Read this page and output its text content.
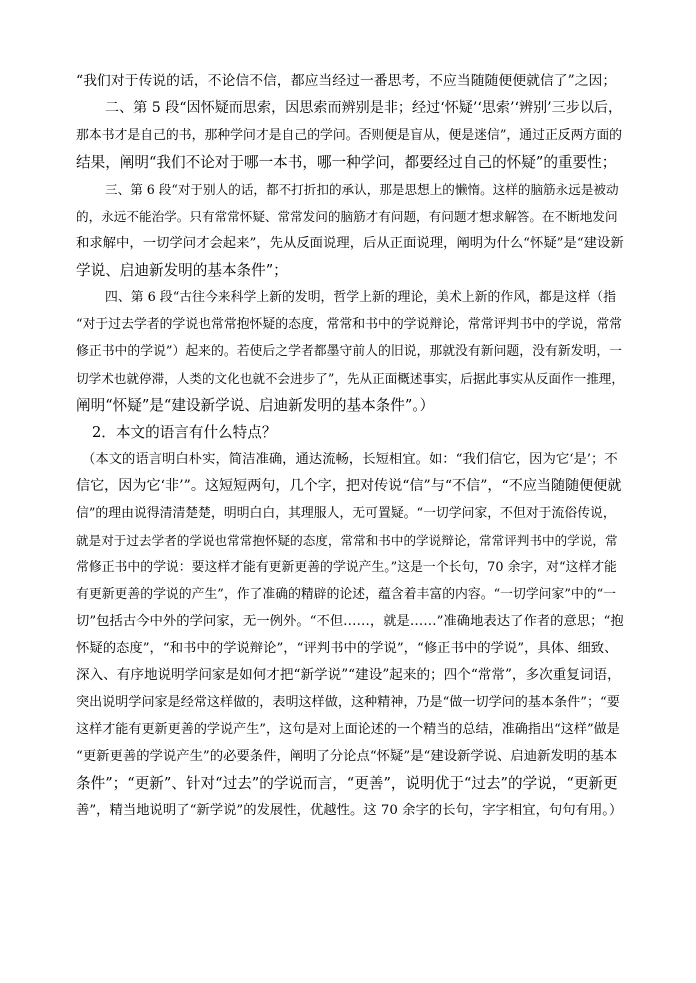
“我们对于传说的话，不论信不信，都应当经过一番思考，不应当随随便便就信了”之因；
二、第 5 段“因怀疑而思索，因思索而辨别是非；经过‘怀疑’‘思索’‘辨别’三步以后，
那本书才是自己的书，那种学问才是自己的学问。否则便是盲从，便是迷信”，通过正反两方面的
结果，阐明“我们不论对于哪一本书，哪一种学问，都要经过自己的怀疑”的重要性；
三、第 6 段“对于别人的话，都不打折扣的承认，那是思想上的懒惰。这样的脑筋永远是被动
的，永远不能治学。只有常常怀疑、常常发问的脑筋才有问题，有问题才想求解答。在不断地发问
和求解中，一切学问才会起来”，先从反面说理，后从正面说理，阐明为什么“怀疑”是“建设新
学说、启迪新发明的基本条件”；
四、第 6 段“古往今来科学上新的发明，哲学上新的理论，美术上新的作风，都是这样（指
“对于过去学者的学说也常常抱怀疑的态度，常常和书中的学说辩论，常常评判书中的学说，常常
修正书中的学说”）起来的。若使后之学者都墨守前人的旧说，那就没有新问题，没有新发明，一
切学术也就停滞，人类的文化也就不会进步了”，先从正面概述事实，后据此事实从反面作一推理，
阐明“怀疑”是“建设新学说、启迪新发明的基本条件”。）
2．本文的语言有什么特点？
（本文的语言明白朴实，简洁准确，通达流畅，长短相宜。如：“我们信它，因为它‘是’；不
信它，因为它‘非’”。这短短两句，几个字，把对传说“信”与“不信”，“不应当随随便便就
信”的理由说得清清楚楚，明明白白，其理服人，无可置疑。“一切学问家，不但对于流俗传说，
就是对于过去学者的学说也常常抱怀疑的态度，常常和书中的学说辩论，常常评判书中的学说，常
常修正书中的学说：要这样才能有更新更善的学说产生。”这是一个长句，70 余字，对“这样才能
有更新更善的学说的产生”，作了准确的精辟的论述，蕴含着丰富的内容。“一切学问家”中的“一
切”包括古今中外的学问家，无一例外。“不但……，就是……”准确地表达了作者的意思；“抱
怀疑的态度”，“和书中的学说辩论”，“评判书中的学说”，“修正书中的学说”，具体、细致、
深入、有序地说明学问家是如何才把“新学说”“建设”起来的；四个“常常”，多次重复词语，
突出说明学问家是经常这样做的，表明这样做，这种精神，乃是“做一切学问的基本条件”；“要
这样才能有更新更善的学说产生”，这句是对上面论述的一个精当的总结，准确指出“这样”做是
“更新更善的学说产生”的必要条件，阐明了分论点“怀疑”是“建设新学说、启迪新发明的基本
条件”；“更新”、针对“过去”的学说而言，“更善”，说明优于“过去”的学说，“更新更
善”，精当地说明了“新学说”的发展性，优越性。这 70 余字的长句，字字相宜，句句有用。）
